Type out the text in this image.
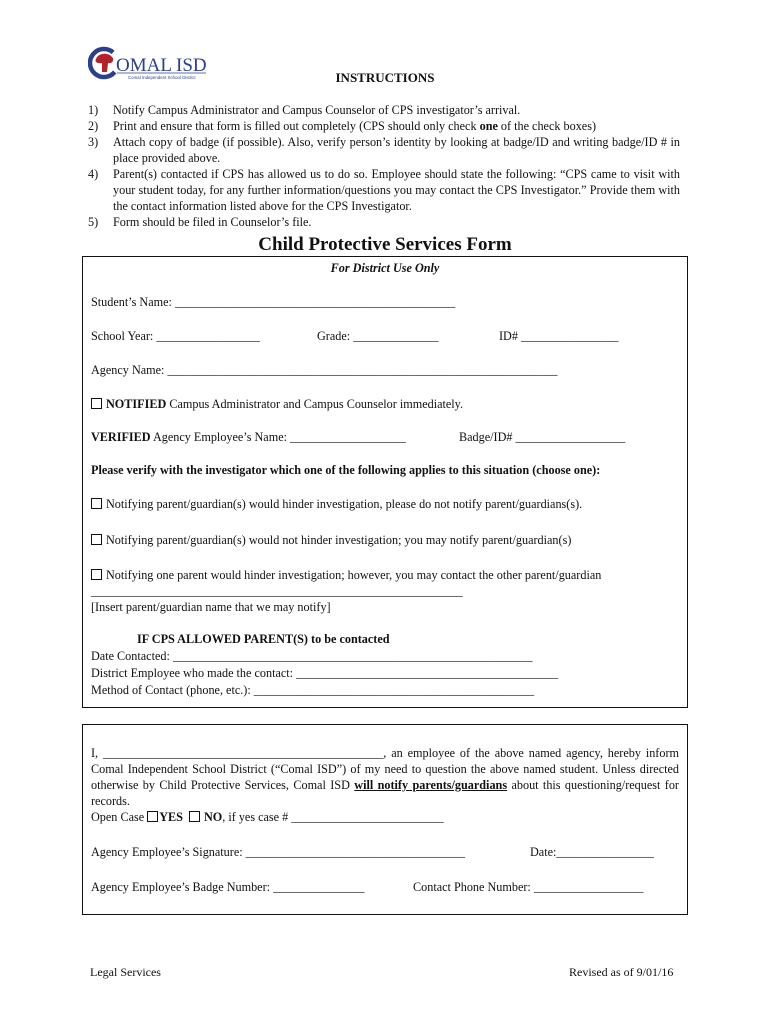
OMAL ISD
Comal Independent School District	INSTRUCTIONS
1) Notify Campus Administrator and Campus Counselor of CPS investigator’s arrival.
2) Print and ensure that form is filled out completely (CPS should only check one of the check boxes)
3) Attach copy of badge (if possible). Also, verify person’s identity by looking at badge/ID and writing badge/ID # in place provided above.
4) Parent(s) contacted if CPS has allowed us to do so. Employee should state the following: “CPS came to visit with your student today, for any further information/questions you may contact the CPS Investigator.” Provide them with the contact information listed above for the CPS Investigator.
5) Form should be filed in Counselor’s file.
Child Protective Services Form
For District Use Only
Student’s Name: ______________________________________________
School Year: _________________	Grade: ______________	ID# ________________
Agency Name: ________________________________________________________________
NOTIFIED Campus Administrator and Campus Counselor immediately.
VERIFIED Agency Employee’s Name: ___________________	Badge/ID# __________________
Please verify with the investigator which one of the following applies to this situation (choose one):
Notifying parent/guardian(s) would hinder investigation, please do not notify parent/guardians(s).
Notifying parent/guardian(s) would not hinder investigation; you may notify parent/guardian(s)
Notifying one parent would hinder investigation; however, you may contact the other parent/guardian
_____________________________________________________________
[Insert parent/guardian name that we may notify]
IF CPS ALLOWED PARENT(S) to be contacted
Date Contacted: ___________________________________________________________
District Employee who made the contact: ___________________________________________
Method of Contact (phone, etc.): ______________________________________________
I, ______________________________________________, an employee of the above named agency, hereby inform Comal Independent School District (“Comal ISD”) of my need to question the above named student. Unless directed otherwise by Child Protective Services, Comal ISD will notify parents/guardians about this questioning/request for records.
Open Case YES NO, if yes case # _________________________
Agency Employee’s Signature: ____________________________________	Date:________________
Agency Employee’s Badge Number: _______________	Contact Phone Number: __________________
Legal Services	Revised as of 9/01/16
